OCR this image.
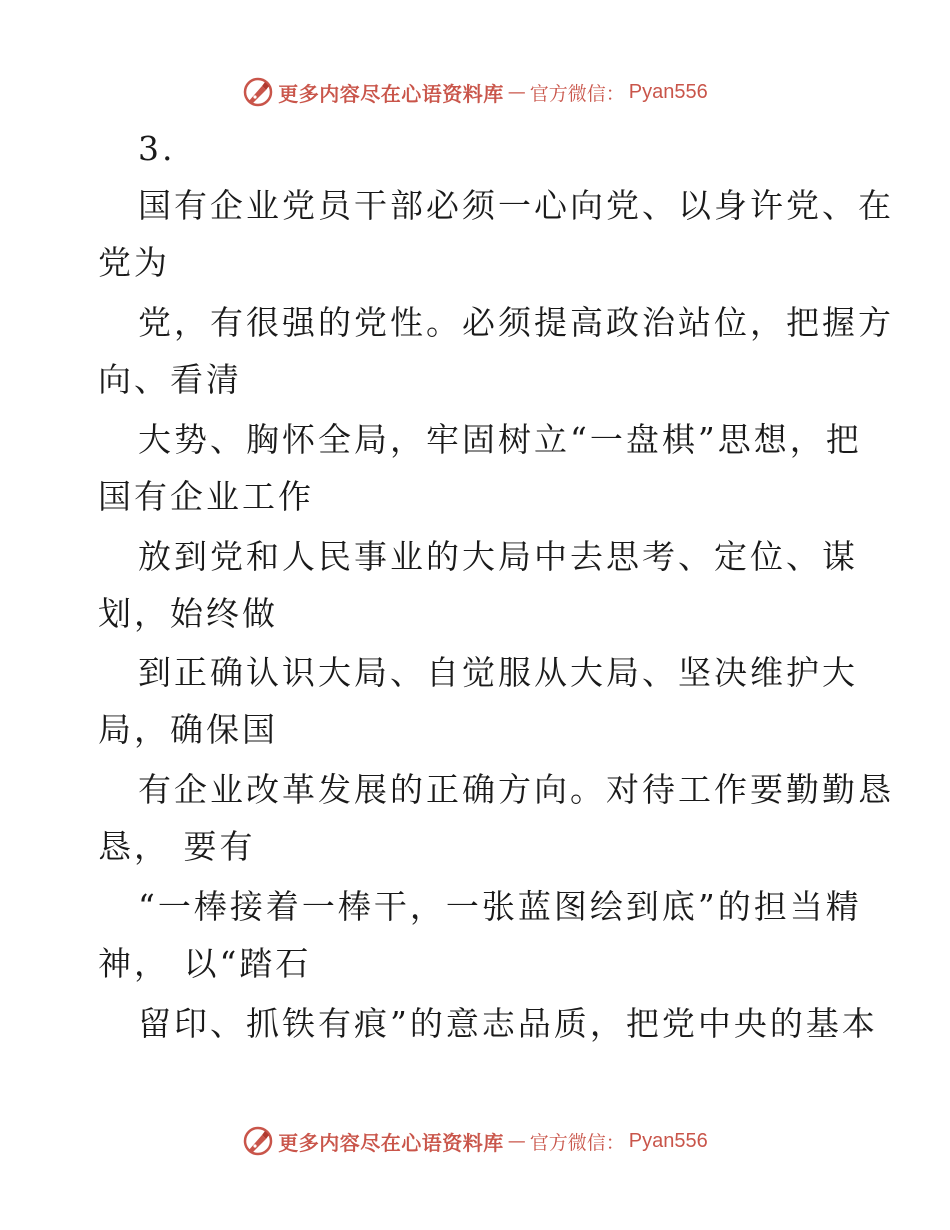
更多内容尽在心语资料库 — 官方微信： Pyan556
3.
国有企业党员干部必须一心向党、以身许党、在
党为
党，有很强的党性。必须提高政治站位，把握方
向、看清
大势、胸怀全局，牢固树立“一盘棋”思想，把
国有企业工作
放到党和人民事业的大局中去思考、定位、谋
划，始终做
到正确认识大局、自觉服从大局、坚决维护大
局，确保国
有企业改革发展的正确方向。对待工作要勤勤恳
恳， 要有
“一棒接着一棒干，一张蓝图绘到底”的担当精
神， 以“踏石
留印、抓铁有痕”的意志品质，把党中央的基本
更多内容尽在心语资料库 — 官方微信： Pyan556
